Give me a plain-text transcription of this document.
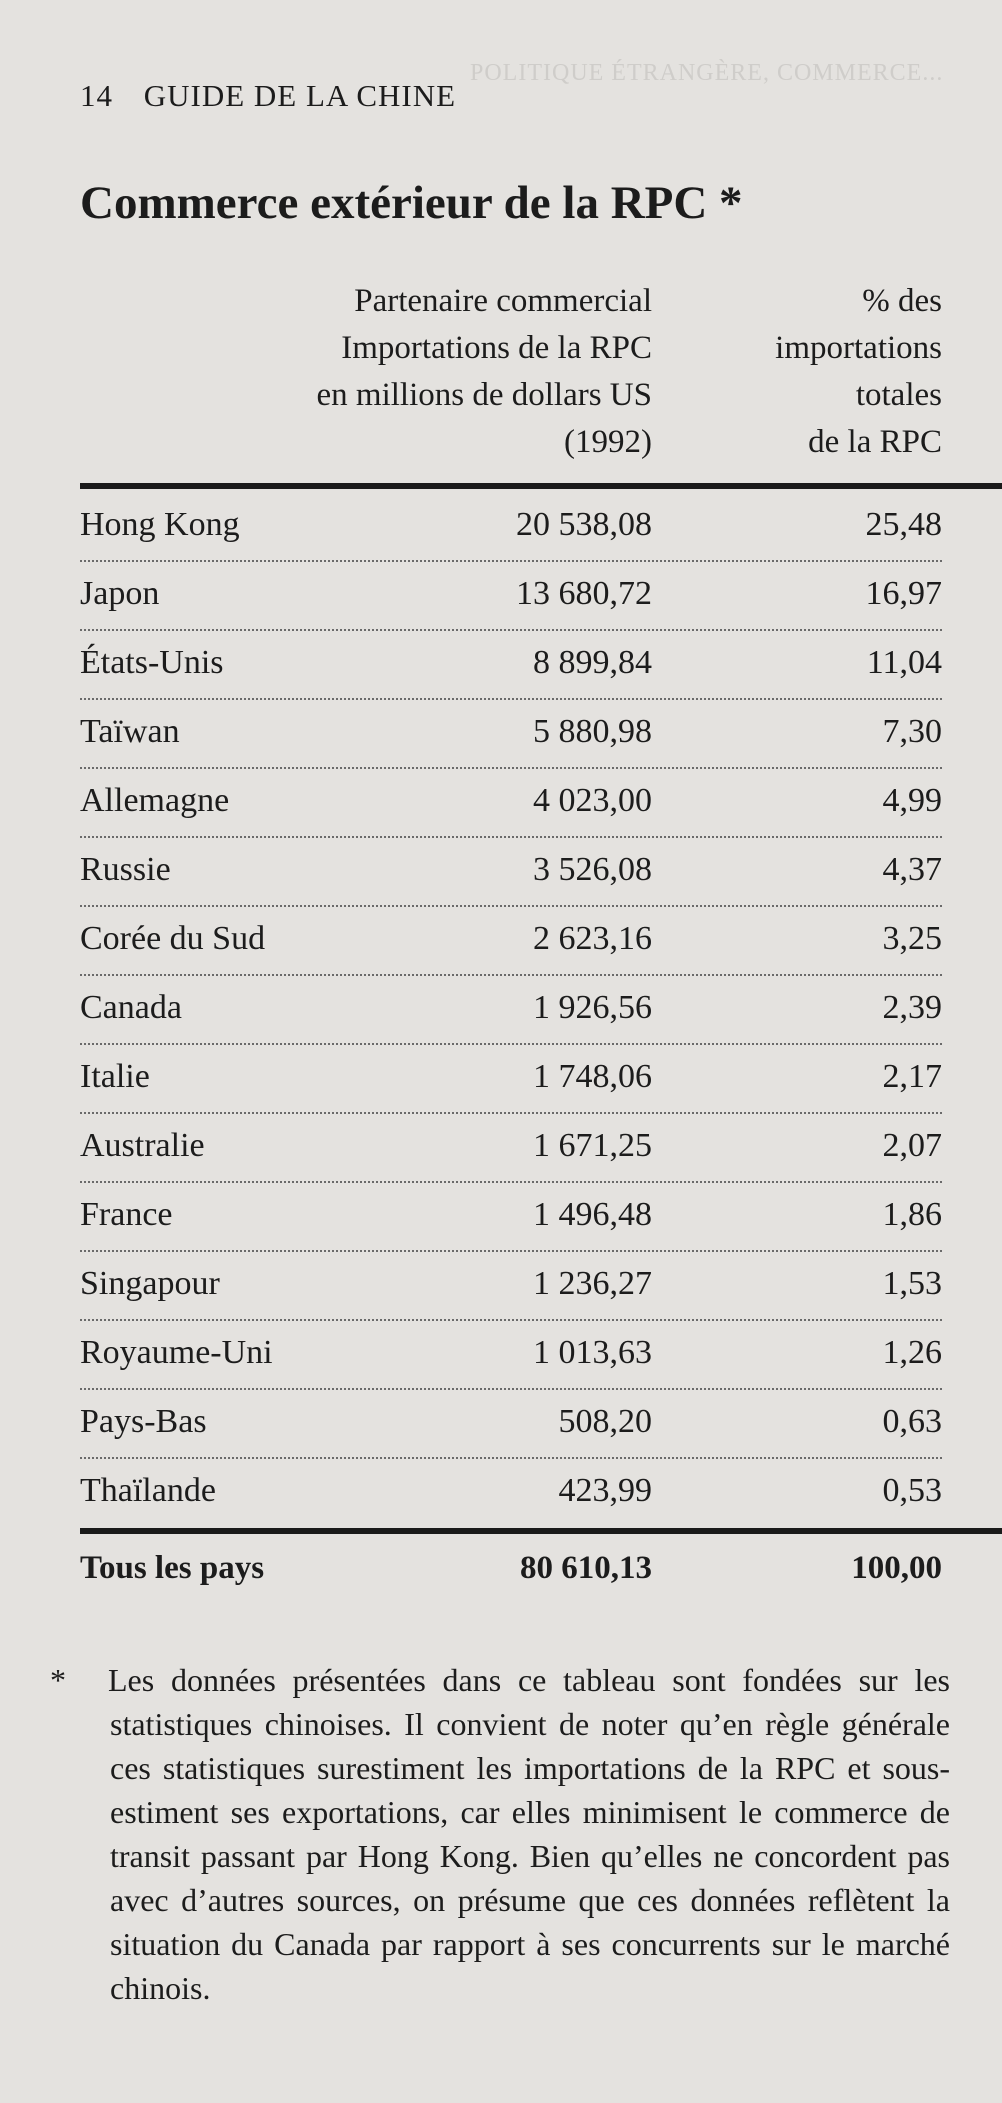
POLITIQUE ÉTRANGÈRE, COMMERCE...
14 GUIDE DE LA CHINE
Commerce extérieur de la RPC *
Partenaire commercial
Importations de la RPC
en millions de dollars US
(1992)
% des
importations
totales
de la RPC
Hong Kong	20 538,08	25,48
Japon	13 680,72	16,97
États-Unis	8 899,84	11,04
Taïwan	5 880,98	7,30
Allemagne	4 023,00	4,99
Russie	3 526,08	4,37
Corée du Sud	2 623,16	3,25
Canada	1 926,56	2,39
Italie	1 748,06	2,17
Australie	1 671,25	2,07
France	1 496,48	1,86
Singapour	1 236,27	1,53
Royaume-Uni	1 013,63	1,26
Pays-Bas	508,20	0,63
Thaïlande	423,99	0,53
Tous les pays	80 610,13	100,00

* Les données présentées dans ce tableau sont fondées sur les statistiques chinoises. Il convient de noter qu’en règle générale ces statistiques surestiment les importations de la RPC et sous-estiment ses exportations, car elles minimisent le commerce de transit passant par Hong Kong. Bien qu’elles ne concordent pas avec d’autres sources, on présume que ces données reflètent la situation du Canada par rapport à ses concurrents sur le marché chinois.
